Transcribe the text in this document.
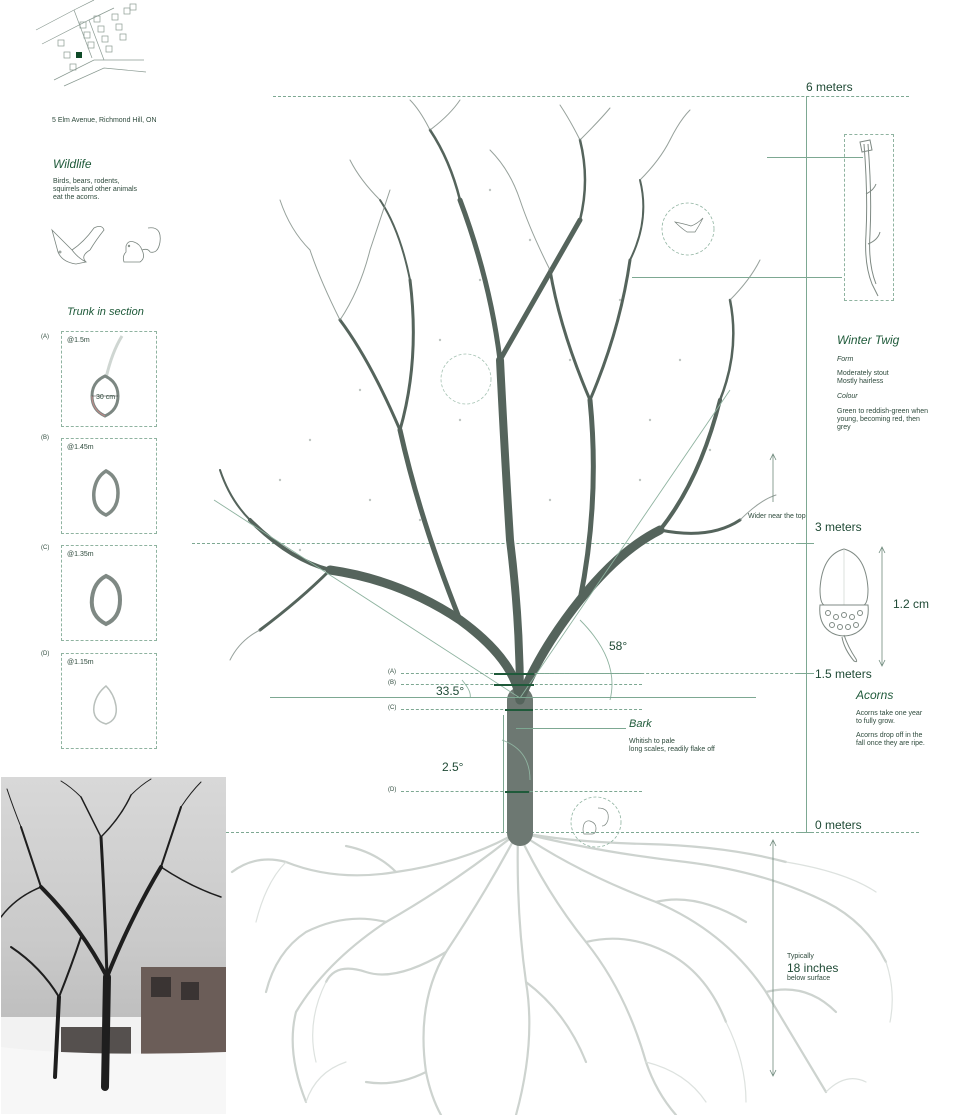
5 Elm Avenue, Richmond Hill, ON
Wildlife
Birds, bears, rodents,
squirrels and other animals
eat the acorns.
Trunk in section
(A)	@1.5m
30 cm
(B)
@1.45m
(C)
@1.35m
(D)
@1.15m
6 meters
3 meters
1.5 meters
0 meters
(A)
(B)
(C)
(D)
58°
33.5°
2.5°
Bark
Whitish to pale
long scales, readily flake off
Winter Twig
Form
Moderately stout
Mostly hairless
Colour
Green to reddish-green when
young, becoming red, then
grey
Wider near the top
1.2 cm
Acorns
Acorns take one year
to fully grow.
Acorns drop off in the
fall once they are ripe.
Typically
18 inches
below surface
